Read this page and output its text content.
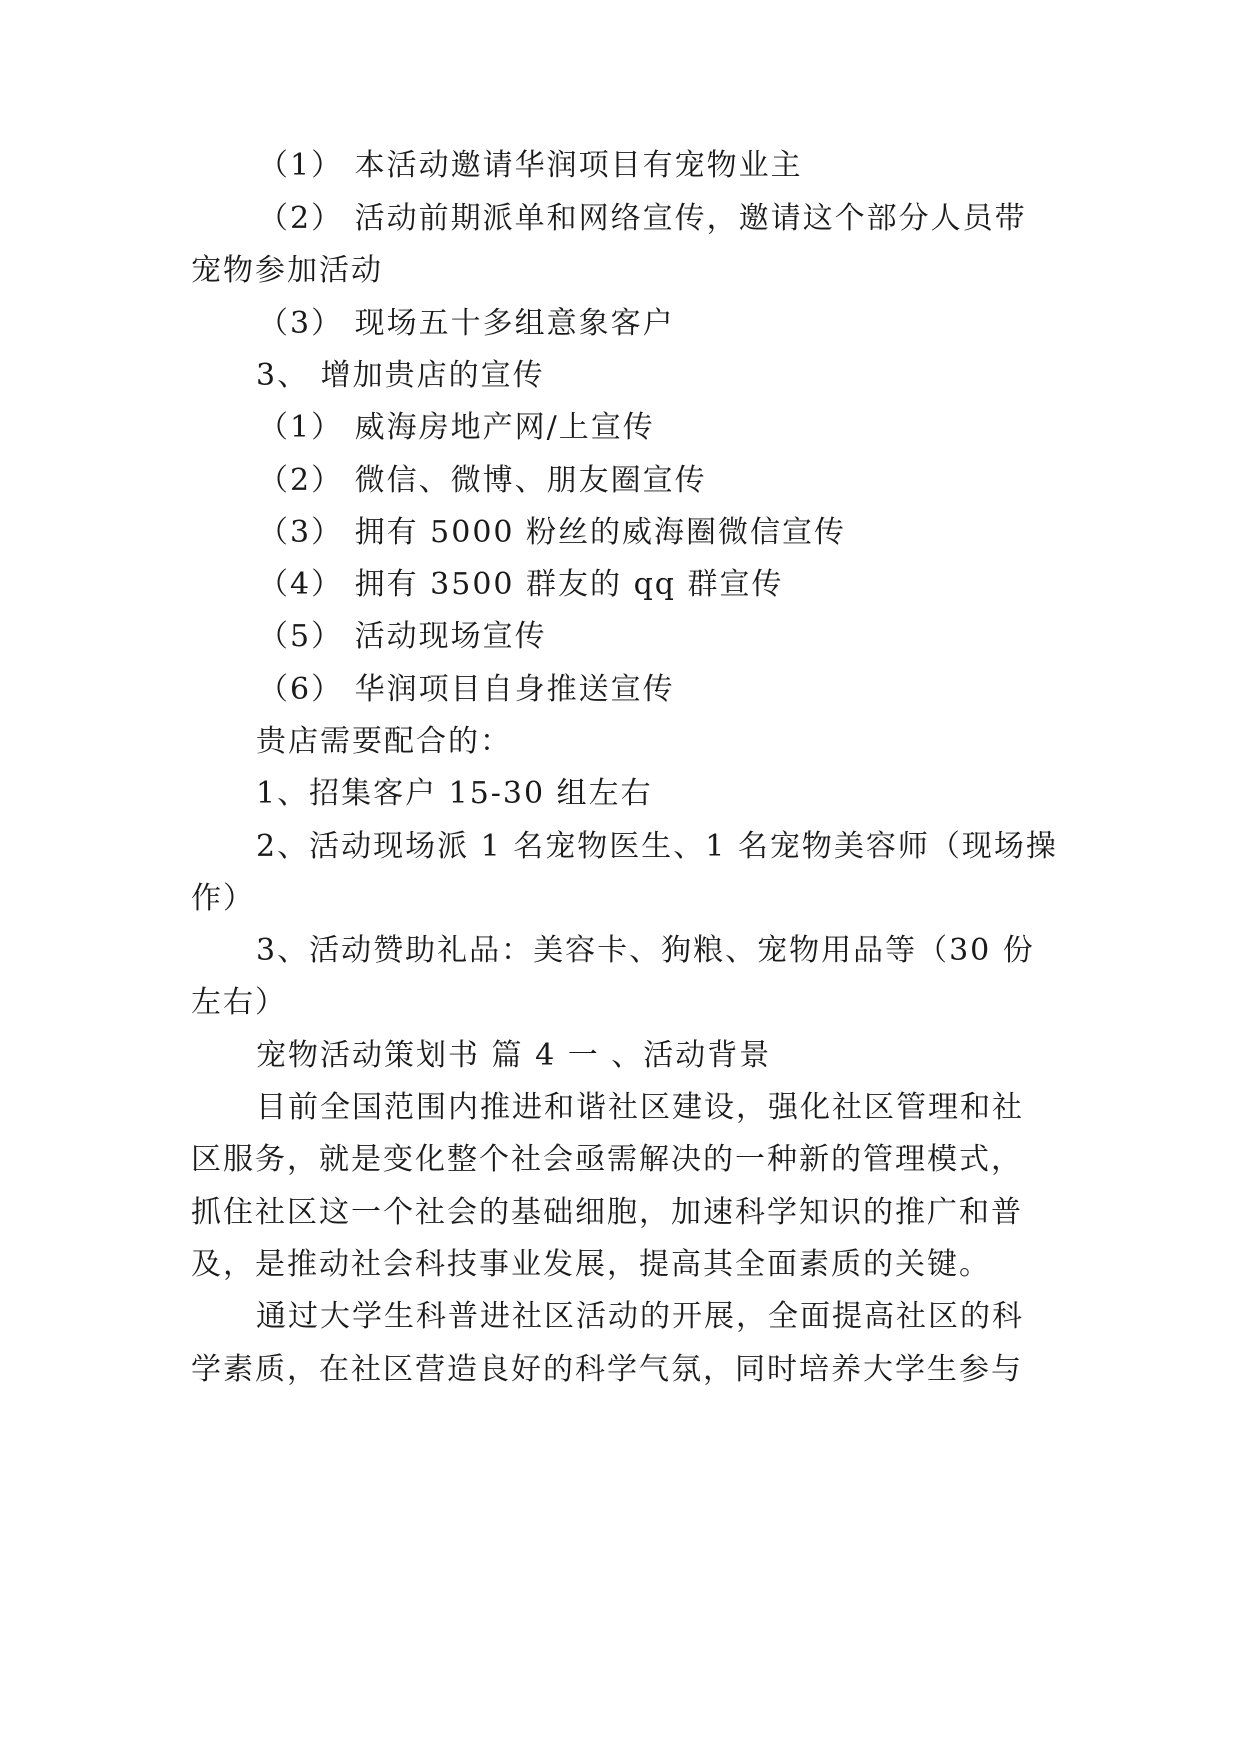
（1） 本活动邀请华润项目有宠物业主
（2） 活动前期派单和网络宣传，邀请这个部分人员带
宠物参加活动
（3） 现场五十多组意象客户
3、 增加贵店的宣传
（1） 威海房地产网/上宣传
（2） 微信、微博、朋友圈宣传
（3） 拥有 5000 粉丝的威海圈微信宣传
（4） 拥有 3500 群友的 qq 群宣传
（5） 活动现场宣传
（6） 华润项目自身推送宣传
贵店需要配合的：
1、招集客户 15-30 组左右
2、活动现场派 1 名宠物医生、1 名宠物美容师（现场操
作）
3、活动赞助礼品：美容卡、狗粮、宠物用品等（30 份
左右）
宠物活动策划书 篇 4 一 、活动背景
目前全国范围内推进和谐社区建设，强化社区管理和社
区服务，就是变化整个社会亟需解决的一种新的管理模式，
抓住社区这一个社会的基础细胞，加速科学知识的推广和普
及，是推动社会科技事业发展，提高其全面素质的关键。
通过大学生科普进社区活动的开展，全面提高社区的科
学素质，在社区营造良好的科学气氛，同时培养大学生参与
